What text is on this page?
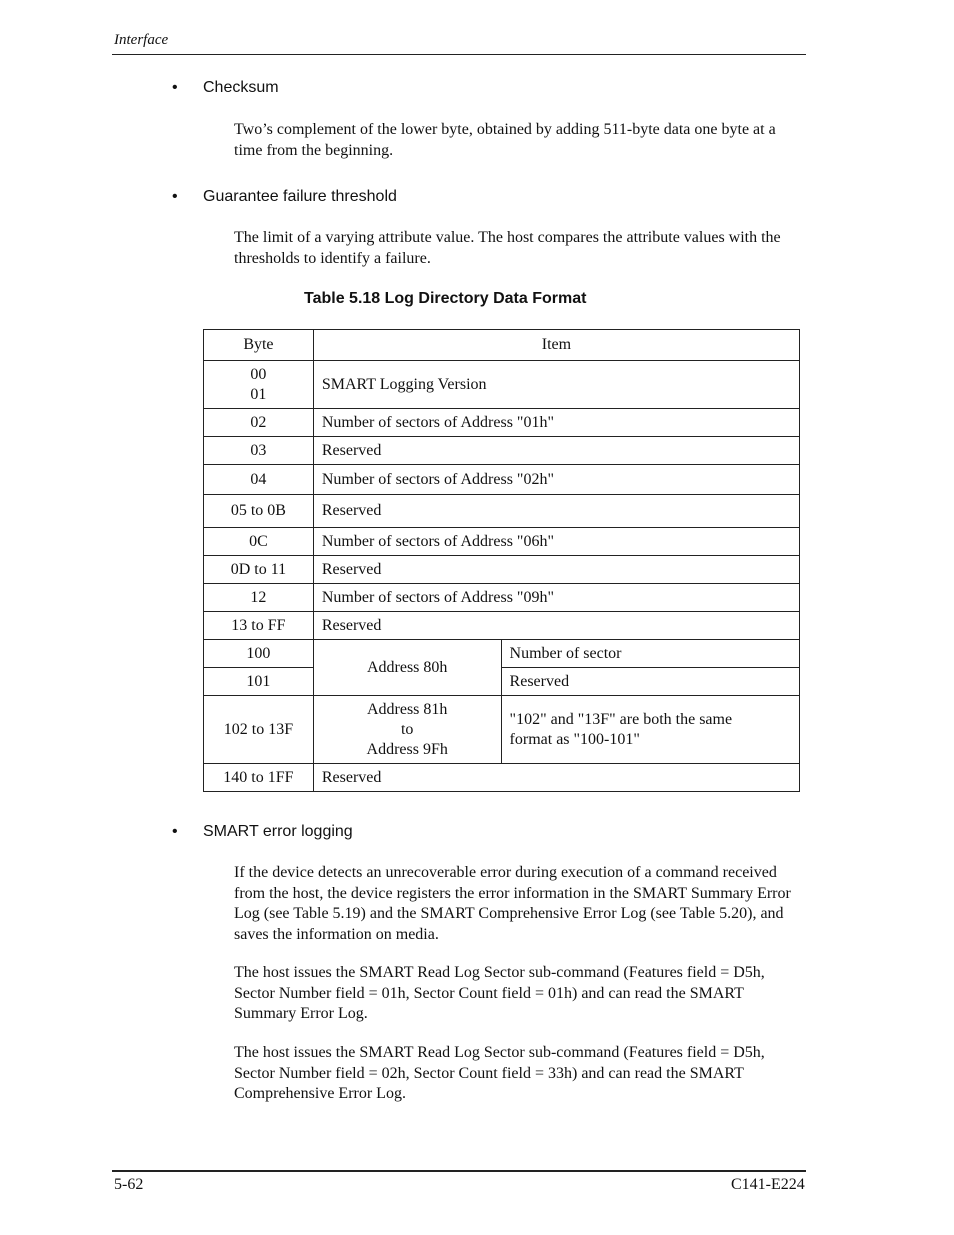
Interface
• Checksum
Two’s complement of the lower byte, obtained by adding 511-byte data one byte at a time from the beginning.
• Guarantee failure threshold
The limit of a varying attribute value. The host compares the attribute values with the thresholds to identify a failure.
Table 5.18 Log Directory Data Format
Byte	Item	
00
01	SMART Logging Version	
02	Number of sectors of Address "01h"	
03	Reserved	
04	Number of sectors of Address "02h"	
05 to 0B	Reserved	
0C	Number of sectors of Address "06h"	
0D to 11	Reserved	
12	Number of sectors of Address "09h"	
13 to FF	Reserved	
100	Address 80h	Number of sector
101		Reserved
102 to 13F	Address 81h
to
Address 9Fh	"102" and "13F" are both the same
format as "100-101"
140 to 1FF	Reserved	
• SMART error logging
If the device detects an unrecoverable error during execution of a command received from the host, the device registers the error information in the SMART Summary Error Log (see Table 5.19) and the SMART Comprehensive Error Log (see Table 5.20), and saves the information on media.
The host issues the SMART Read Log Sector sub-command (Features field = D5h, Sector Number field = 01h, Sector Count field = 01h) and can read the SMART Summary Error Log.
The host issues the SMART Read Log Sector sub-command (Features field = D5h, Sector Number field = 02h, Sector Count field = 33h) and can read the SMART Comprehensive Error Log.
5-62	C141-E224
